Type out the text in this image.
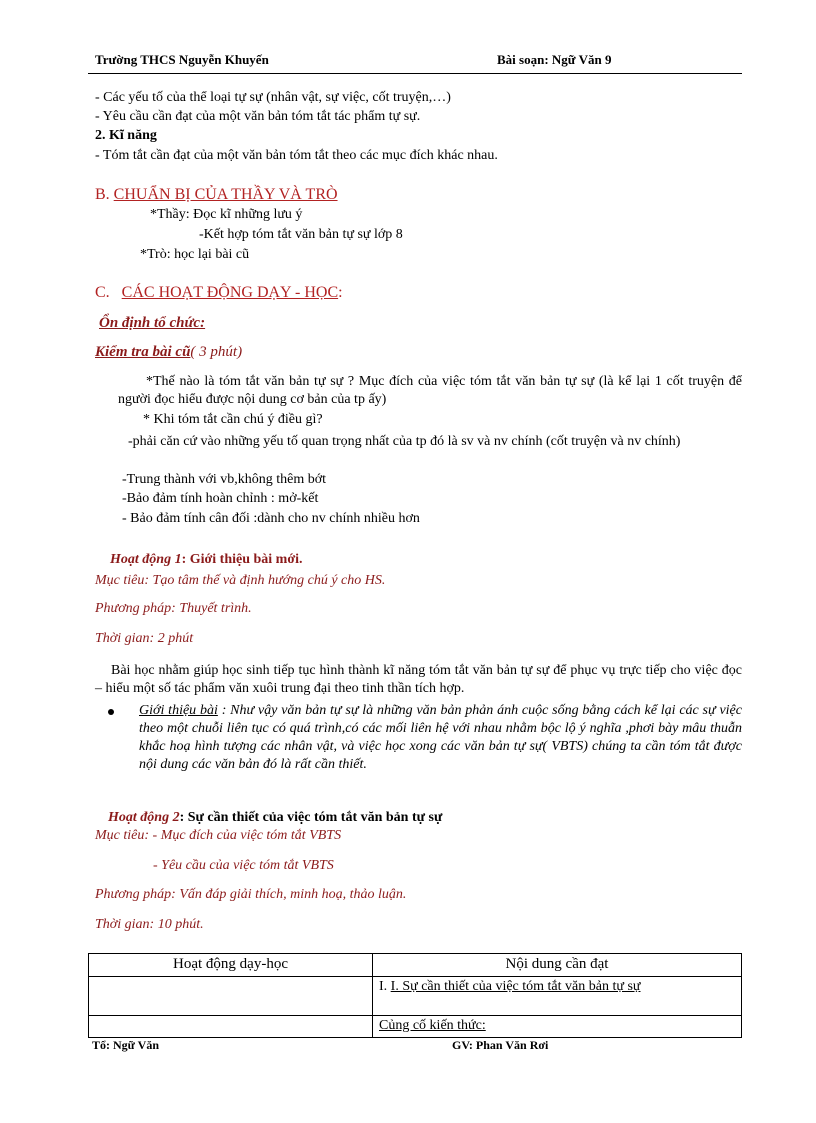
Trường THCS Nguyễn Khuyến	Bài soạn: Ngữ Văn 9
- Các yếu tố của thể loại tự sự (nhân vật, sự việc, cốt truyện,…)
- Yêu cầu cần đạt của một văn bản tóm tắt tác phẩm tự sự.
2. Kĩ năng
- Tóm tắt cần đạt của một văn bản tóm tắt theo các mục đích khác nhau.
B. CHUẨN BỊ CỦA THẦY VÀ TRÒ
*Thầy: Đọc kĩ những lưu ý
-Kết hợp tóm tắt văn bản tự sự lớp 8
*Trò: học lại bài cũ
C. CÁC HOẠT ĐỘNG DẠY - HỌC:
Ổn định tổ chức:
Kiểm tra bài cũ( 3 phút)
*Thế nào là tóm tắt văn bản tự sự ? Mục đích của việc tóm tắt văn bản tự sự (là kể lại 1 cốt truyện để người đọc hiểu được nội dung cơ bản của tp ấy)
* Khi tóm tắt cần chú ý điều gì?
-phải căn cứ vào những yếu tố quan trọng nhất của tp đó là sv và nv chính (cốt truyện và nv chính)
-Trung thành với vb,không thêm bớt
-Bảo đảm tính hoàn chỉnh : mở-kết
- Bảo đảm tính cân đối :dành cho nv chính nhiều hơn
Hoạt động 1: Giới thiệu bài mới.
Mục tiêu: Tạo tâm thế và định hướng chú ý cho HS.
Phương pháp: Thuyết trình.
Thời gian: 2 phút
Bài học nhằm giúp học sinh tiếp tục hình thành kĩ năng tóm tắt văn bản tự sự để phục vụ trực tiếp cho việc đọc – hiểu một số tác phẩm văn xuôi trung đại theo tinh thần tích hợp.
Giới thiệu bài : Như vậy văn bản tự sự là những văn bản phản ánh cuộc sống bằng cách kể lại các sự việc theo một chuỗi liên tục có quá trình,có các mối liên hệ với nhau nhằm bộc lộ ý nghĩa ,phơi bày mâu thuẫn khắc hoạ hình tượng các nhân vật, và việc học xong các văn bản tự sự( VBTS) chúng ta cần tóm tắt được nội dung các văn bản đó là rất cần thiết.
Hoạt động 2: Sự cần thiết của việc tóm tắt văn bản tự sự
Mục tiêu: - Mục đích của việc tóm tắt VBTS
- Yêu cầu của việc tóm tắt VBTS
Phương pháp: Vấn đáp giải thích, minh hoạ, thảo luận.
Thời gian: 10 phút.
Hoạt động dạy-học	Nội dung cần đạt
	I. I. Sự cần thiết của việc tóm tắt văn bản tự sự
	Củng cố kiến thức:
Tổ: Ngữ Văn	GV: Phan Văn Rơi
